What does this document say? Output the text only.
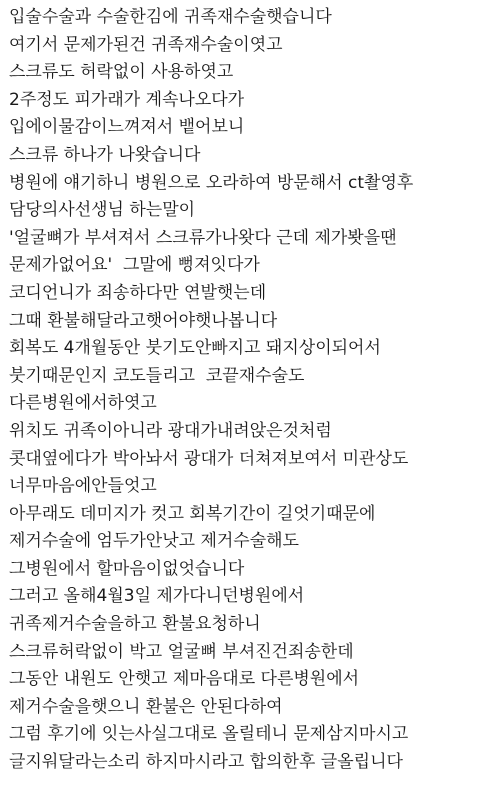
입술수술과 수술한김에 귀족재수술햇습니다
여기서 문제가된건 귀족재수술이엿고
스크류도 허락없이 사용하엿고
2주정도 피가래가 계속나오다가
입에이물감이느껴져서 뱉어보니
스크류 하나가 나왓습니다
병원에 얘기하니 병원으로 오라하여 방문해서 ct촬영후
담당의사선생님 하는말이
'얼굴뼈가 부셔져서 스크류가나왓다 근데 제가봣을땐
문제가없어요'  그말에 뻥져잇다가
코디언니가 죄송하다만 연발햇는데
그때 환불해달라고햇어야햇나봅니다
회복도 4개월동안 붓기도안빠지고 돼지상이되어서
붓기때문인지 코도들리고  코끝재수술도
다른병원에서하엿고
위치도 귀족이아니라 광대가내려앉은것처럼
콧대옆에다가 박아놔서 광대가 더쳐져보여서 미관상도
너무마음에안들엇고
아무래도 데미지가 컷고 회복기간이 길엇기때문에
제거수술에 엄두가안낫고 제거수술해도
그병원에서 할마음이없엇습니다
그러고 올해4월3일 제가다니던병원에서
귀족제거수술을하고 환불요청하니
스크류허락없이 박고 얼굴뼈 부셔진건죄송한데
그동안 내원도 안햇고 제마음대로 다른병원에서
제거수술을햇으니 환불은 안된다하여
그럼 후기에 잇는사실그대로 올릴테니 문제삼지마시고
글지워달라는소리 하지마시라고 합의한후 글올립니다
